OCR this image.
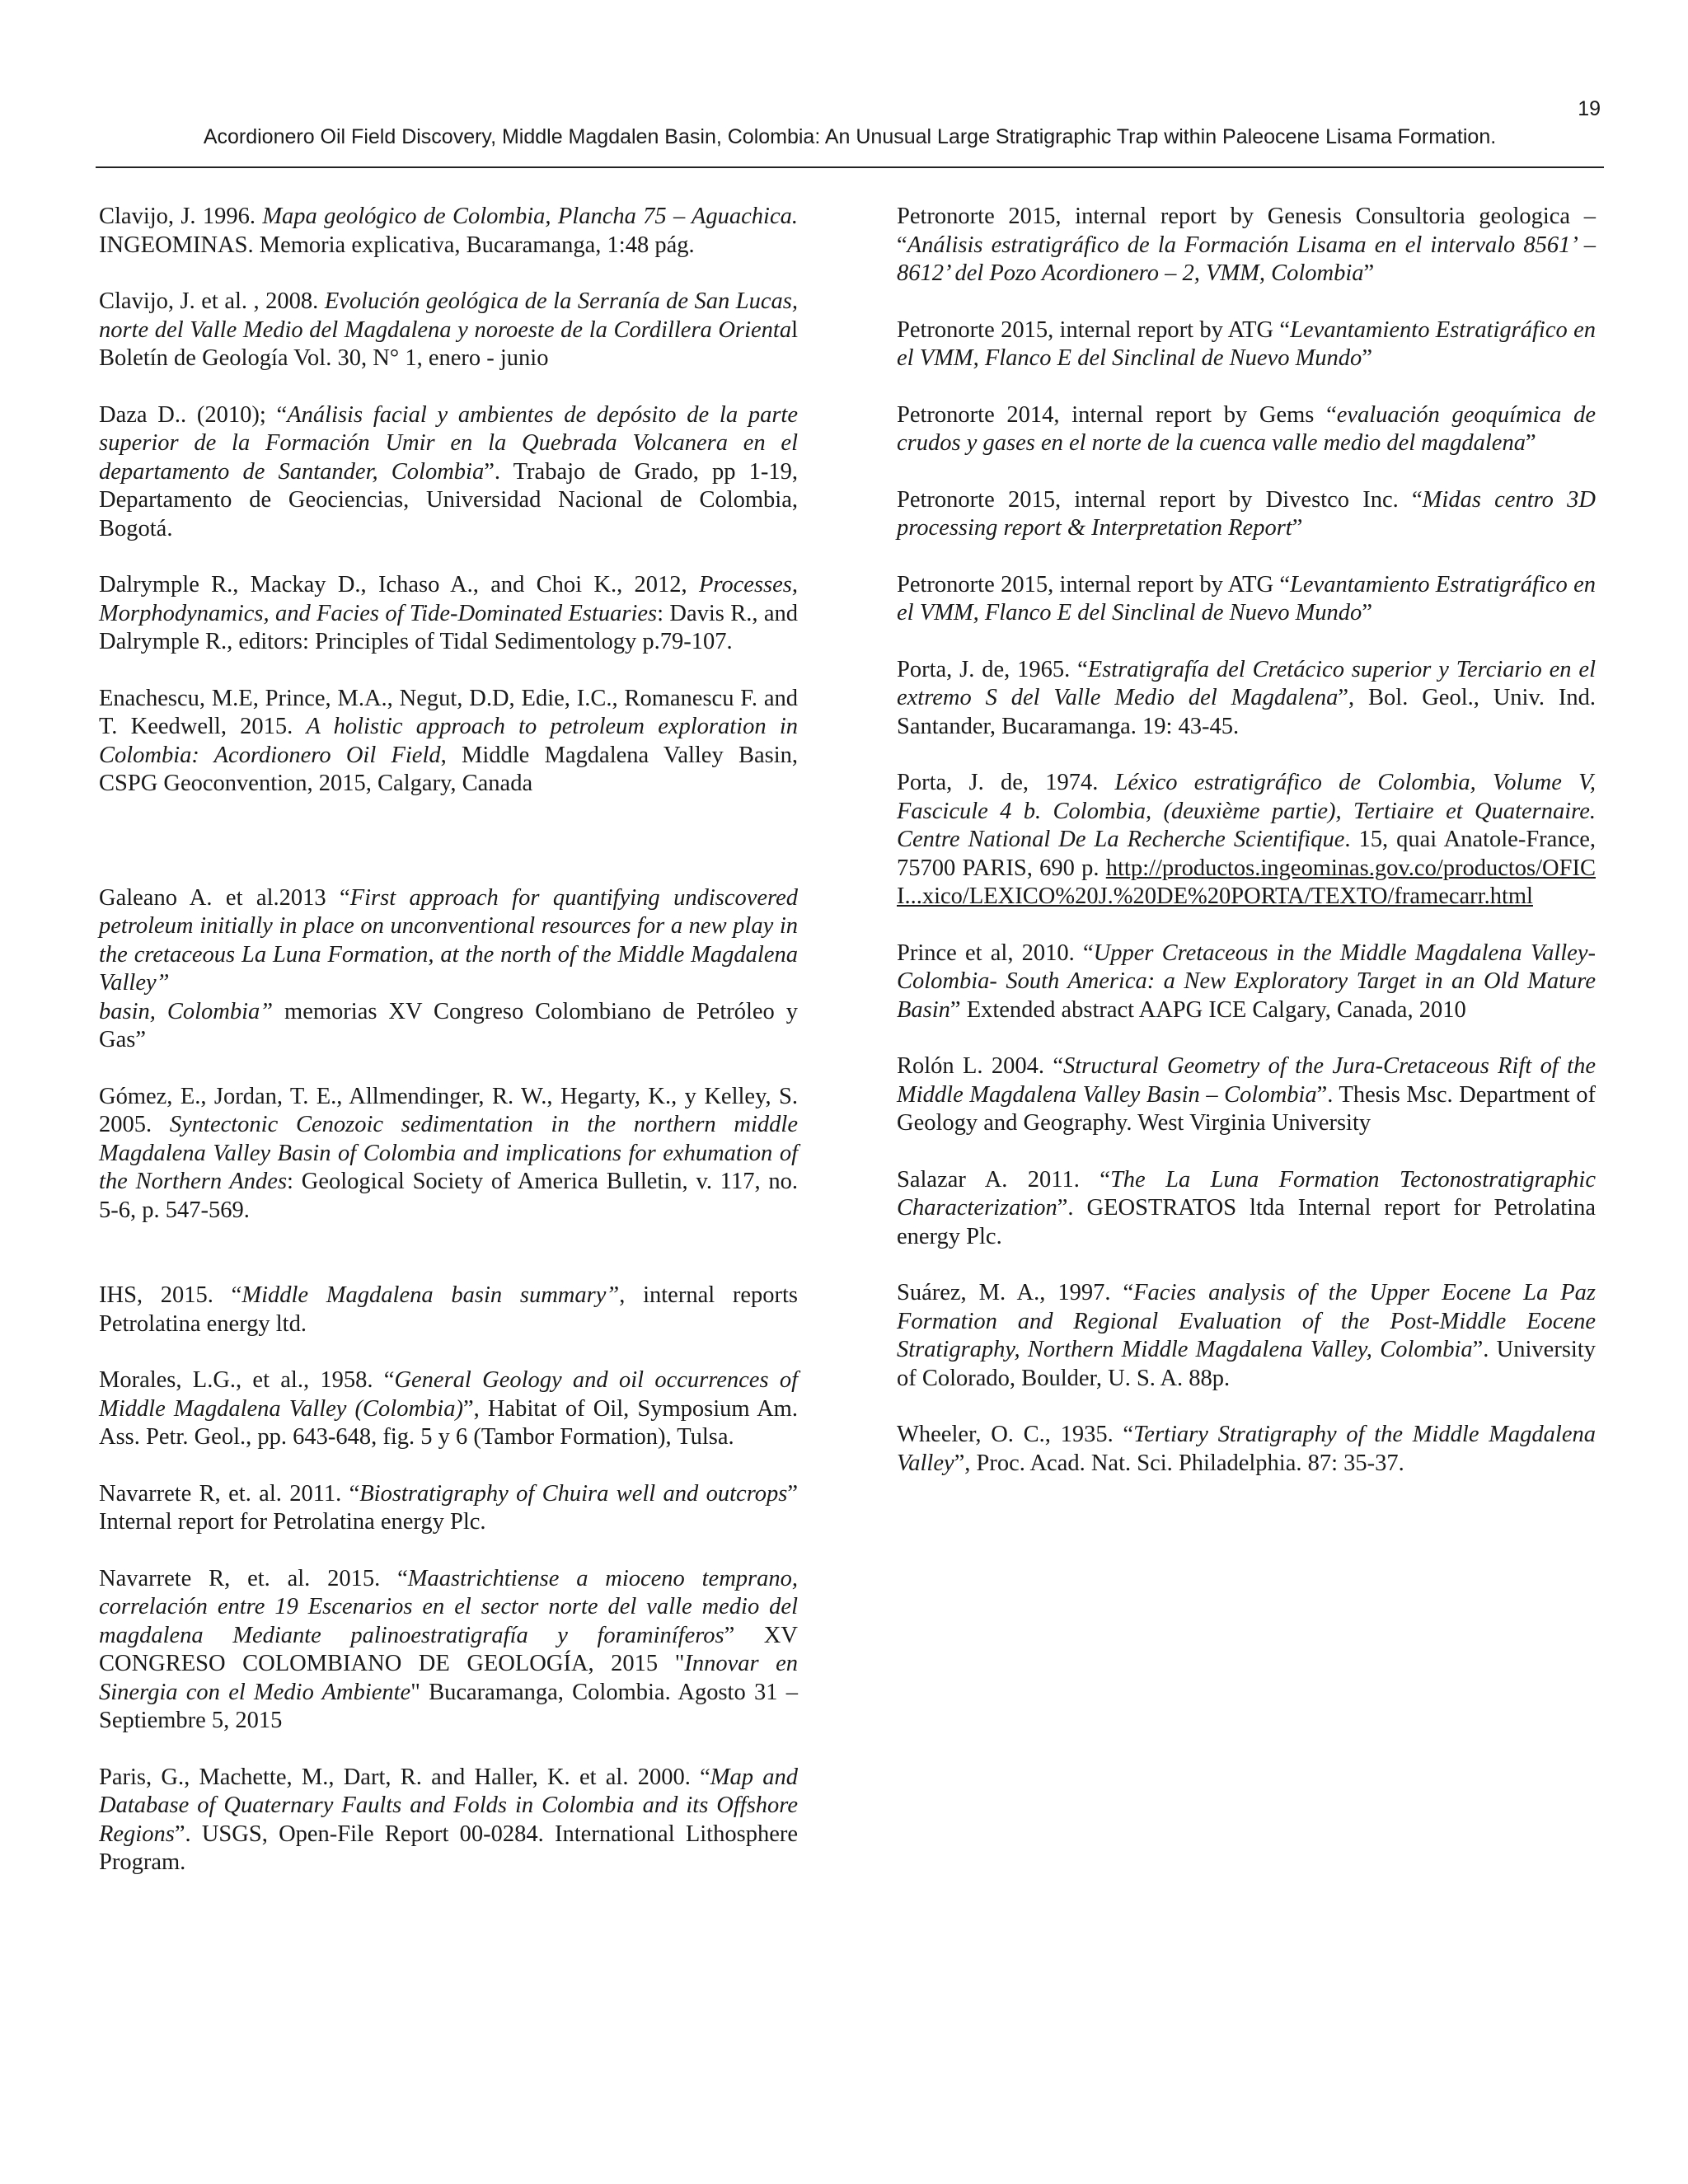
19
Acordionero Oil Field Discovery, Middle Magdalen Basin, Colombia: An Unusual Large Stratigraphic Trap within Paleocene Lisama Formation.

Clavijo, J. 1996. Mapa geológico de Colombia, Plancha 75 – Aguachica. INGEOMINAS. Memoria explicativa, Bucaramanga, 1:48 pág.

Clavijo, J. et al. , 2008. Evolución geológica de la Serranía de San Lucas, norte del Valle Medio del Magdalena y noroeste de la Cordillera Oriental Boletín de Geología Vol. 30, N° 1, enero - junio

Daza D.. (2010); “Análisis facial y ambientes de depósito de la parte superior de la Formación Umir en la Quebrada Volcanera en el departamento de Santander, Colombia”. Trabajo de Grado, pp 1-19, Departamento de Geociencias, Universidad Nacional de Colombia, Bogotá.

Dalrymple R., Mackay D., Ichaso A., and Choi K., 2012, Processes, Morphodynamics, and Facies of Tide-Dominated Estuaries: Davis R., and Dalrymple R., editors: Principles of Tidal Sedimentology p.79-107.

Enachescu, M.E, Prince, M.A., Negut, D.D, Edie, I.C., Romanescu F. and T. Keedwell, 2015. A holistic approach to petroleum exploration in Colombia: Acordionero Oil Field, Middle Magdalena Valley Basin, CSPG Geoconvention, 2015, Calgary, Canada

Galeano A. et al.2013 “First approach for quantifying undiscovered petroleum initially in place on unconventional resources for a new play in the cretaceous La Luna Formation, at the north of the Middle Magdalena Valley”
basin, Colombia” memorias XV Congreso Colombiano de Petróleo y Gas”

Gómez, E., Jordan, T. E., Allmendinger, R. W., Hegarty, K., y Kelley, S. 2005. Syntectonic Cenozoic sedimentation in the northern middle Magdalena Valley Basin of Colombia and implications for exhumation of the Northern Andes: Geological Society of America Bulletin, v. 117, no. 5-6, p. 547-569.

IHS, 2015. “Middle Magdalena basin summary”, internal reports Petrolatina energy ltd.

Morales, L.G., et al., 1958. “General Geology and oil occurrences of Middle Magdalena Valley (Colombia)”, Habitat of Oil, Symposium Am. Ass. Petr. Geol., pp. 643-648, fig. 5 y 6 (Tambor Formation), Tulsa.

Navarrete R, et. al. 2011. “Biostratigraphy of Chuira well and outcrops” Internal report for Petrolatina energy Plc.

Navarrete R, et. al. 2015. “Maastrichtiense a mioceno temprano, correlación entre 19 Escenarios en el sector norte del valle medio del magdalena Mediante palinoestratigrafía y foraminíferos” XV CONGRESO COLOMBIANO DE GEOLOGÍA, 2015 "Innovar en Sinergia con el Medio Ambiente" Bucaramanga, Colombia. Agosto 31 – Septiembre 5, 2015

Paris, G., Machette, M., Dart, R. and Haller, K. et al. 2000. “Map and Database of Quaternary Faults and Folds in Colombia and its Offshore Regions”. USGS, Open-File Report 00-0284. International Lithosphere Program.

Petronorte 2015, internal report by Genesis Consultoria geologica – “Análisis estratigráfico de la Formación Lisama en el intervalo 8561’ – 8612’ del Pozo Acordionero – 2, VMM, Colombia”

Petronorte 2015, internal report by ATG “Levantamiento Estratigráfico en el VMM, Flanco E del Sinclinal de Nuevo Mundo”

Petronorte 2014, internal report by Gems “evaluación geoquímica de crudos y gases en el norte de la cuenca valle medio del magdalena”

Petronorte 2015, internal report by Divestco Inc. “Midas centro 3D processing report & Interpretation Report”

Petronorte 2015, internal report by ATG “Levantamiento Estratigráfico en el VMM, Flanco E del Sinclinal de Nuevo Mundo”

Porta, J. de, 1965. “Estratigrafía del Cretácico superior y Terciario en el extremo S del Valle Medio del Magdalena”, Bol. Geol., Univ. Ind. Santander, Bucaramanga. 19: 43-45.

Porta, J. de, 1974. Léxico estratigráfico de Colombia, Volume V, Fascicule 4 b. Colombia, (deuxième partie), Tertiaire et Quaternaire. Centre National De La Recherche Scientifique. 15, quai Anatole-France, 75700 PARIS, 690 p. http://productos.ingeominas.gov.co/productos/OFICI...xico/LEXICO%20J.%20DE%20PORTA/TEXTO/framecarr.html

Prince et al, 2010. “Upper Cretaceous in the Middle Magdalena Valley- Colombia- South America: a New Exploratory Target in an Old Mature Basin” Extended abstract AAPG ICE Calgary, Canada, 2010

Rolón L. 2004. “Structural Geometry of the Jura-Cretaceous Rift of the Middle Magdalena Valley Basin – Colombia”. Thesis Msc. Department of Geology and Geography. West Virginia University

Salazar A. 2011. “The La Luna Formation Tectonostratigraphic Characterization”. GEOSTRATOS ltda Internal report for Petrolatina energy Plc.

Suárez, M. A., 1997. “Facies analysis of the Upper Eocene La Paz Formation and Regional Evaluation of the Post-Middle Eocene Stratigraphy, Northern Middle Magdalena Valley, Colombia”. University of Colorado, Boulder, U. S. A. 88p.

Wheeler, O. C., 1935. “Tertiary Stratigraphy of the Middle Magdalena Valley”, Proc. Acad. Nat. Sci. Philadelphia. 87: 35-37.
